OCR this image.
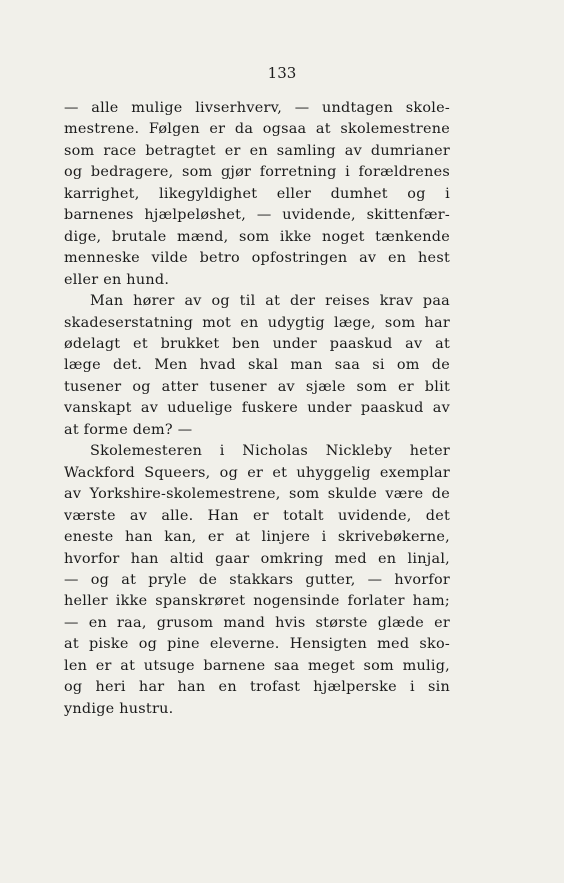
133
— alle mulige livserhverv, — undtagen skole-
mestrene. Følgen er da ogsaa at skolemestrene
som race betragtet er en samling av dumrianer
og bedragere, som gjør forretning i forældrenes
karrighet, likegyldighet eller dumhet og i
barnenes hjælpeløshet, — uvidende, skittenfær-
dige, brutale mænd, som ikke noget tænkende
menneske vilde betro opfostringen av en hest
eller en hund.
Man hører av og til at der reises krav paa
skadeserstatning mot en udygtig læge, som har
ødelagt et brukket ben under paaskud av at
læge det. Men hvad skal man saa si om de
tusener og atter tusener av sjæle som er blit
vanskapt av uduelige fuskere under paaskud av
at forme dem? —
Skolemesteren i Nicholas Nickleby heter
Wackford Squeers, og er et uhyggelig exemplar
av Yorkshire-skolemestrene, som skulde være de
værste av alle. Han er totalt uvidende, det
eneste han kan, er at linjere i skrivebøkerne,
hvorfor han altid gaar omkring med en linjal,
— og at pryle de stakkars gutter, — hvorfor
heller ikke spanskrøret nogensinde forlater ham;
— en raa, grusom mand hvis største glæde er
at piske og pine eleverne. Hensigten med sko-
len er at utsuge barnene saa meget som mulig,
og heri har han en trofast hjælperske i sin
yndige hustru.
